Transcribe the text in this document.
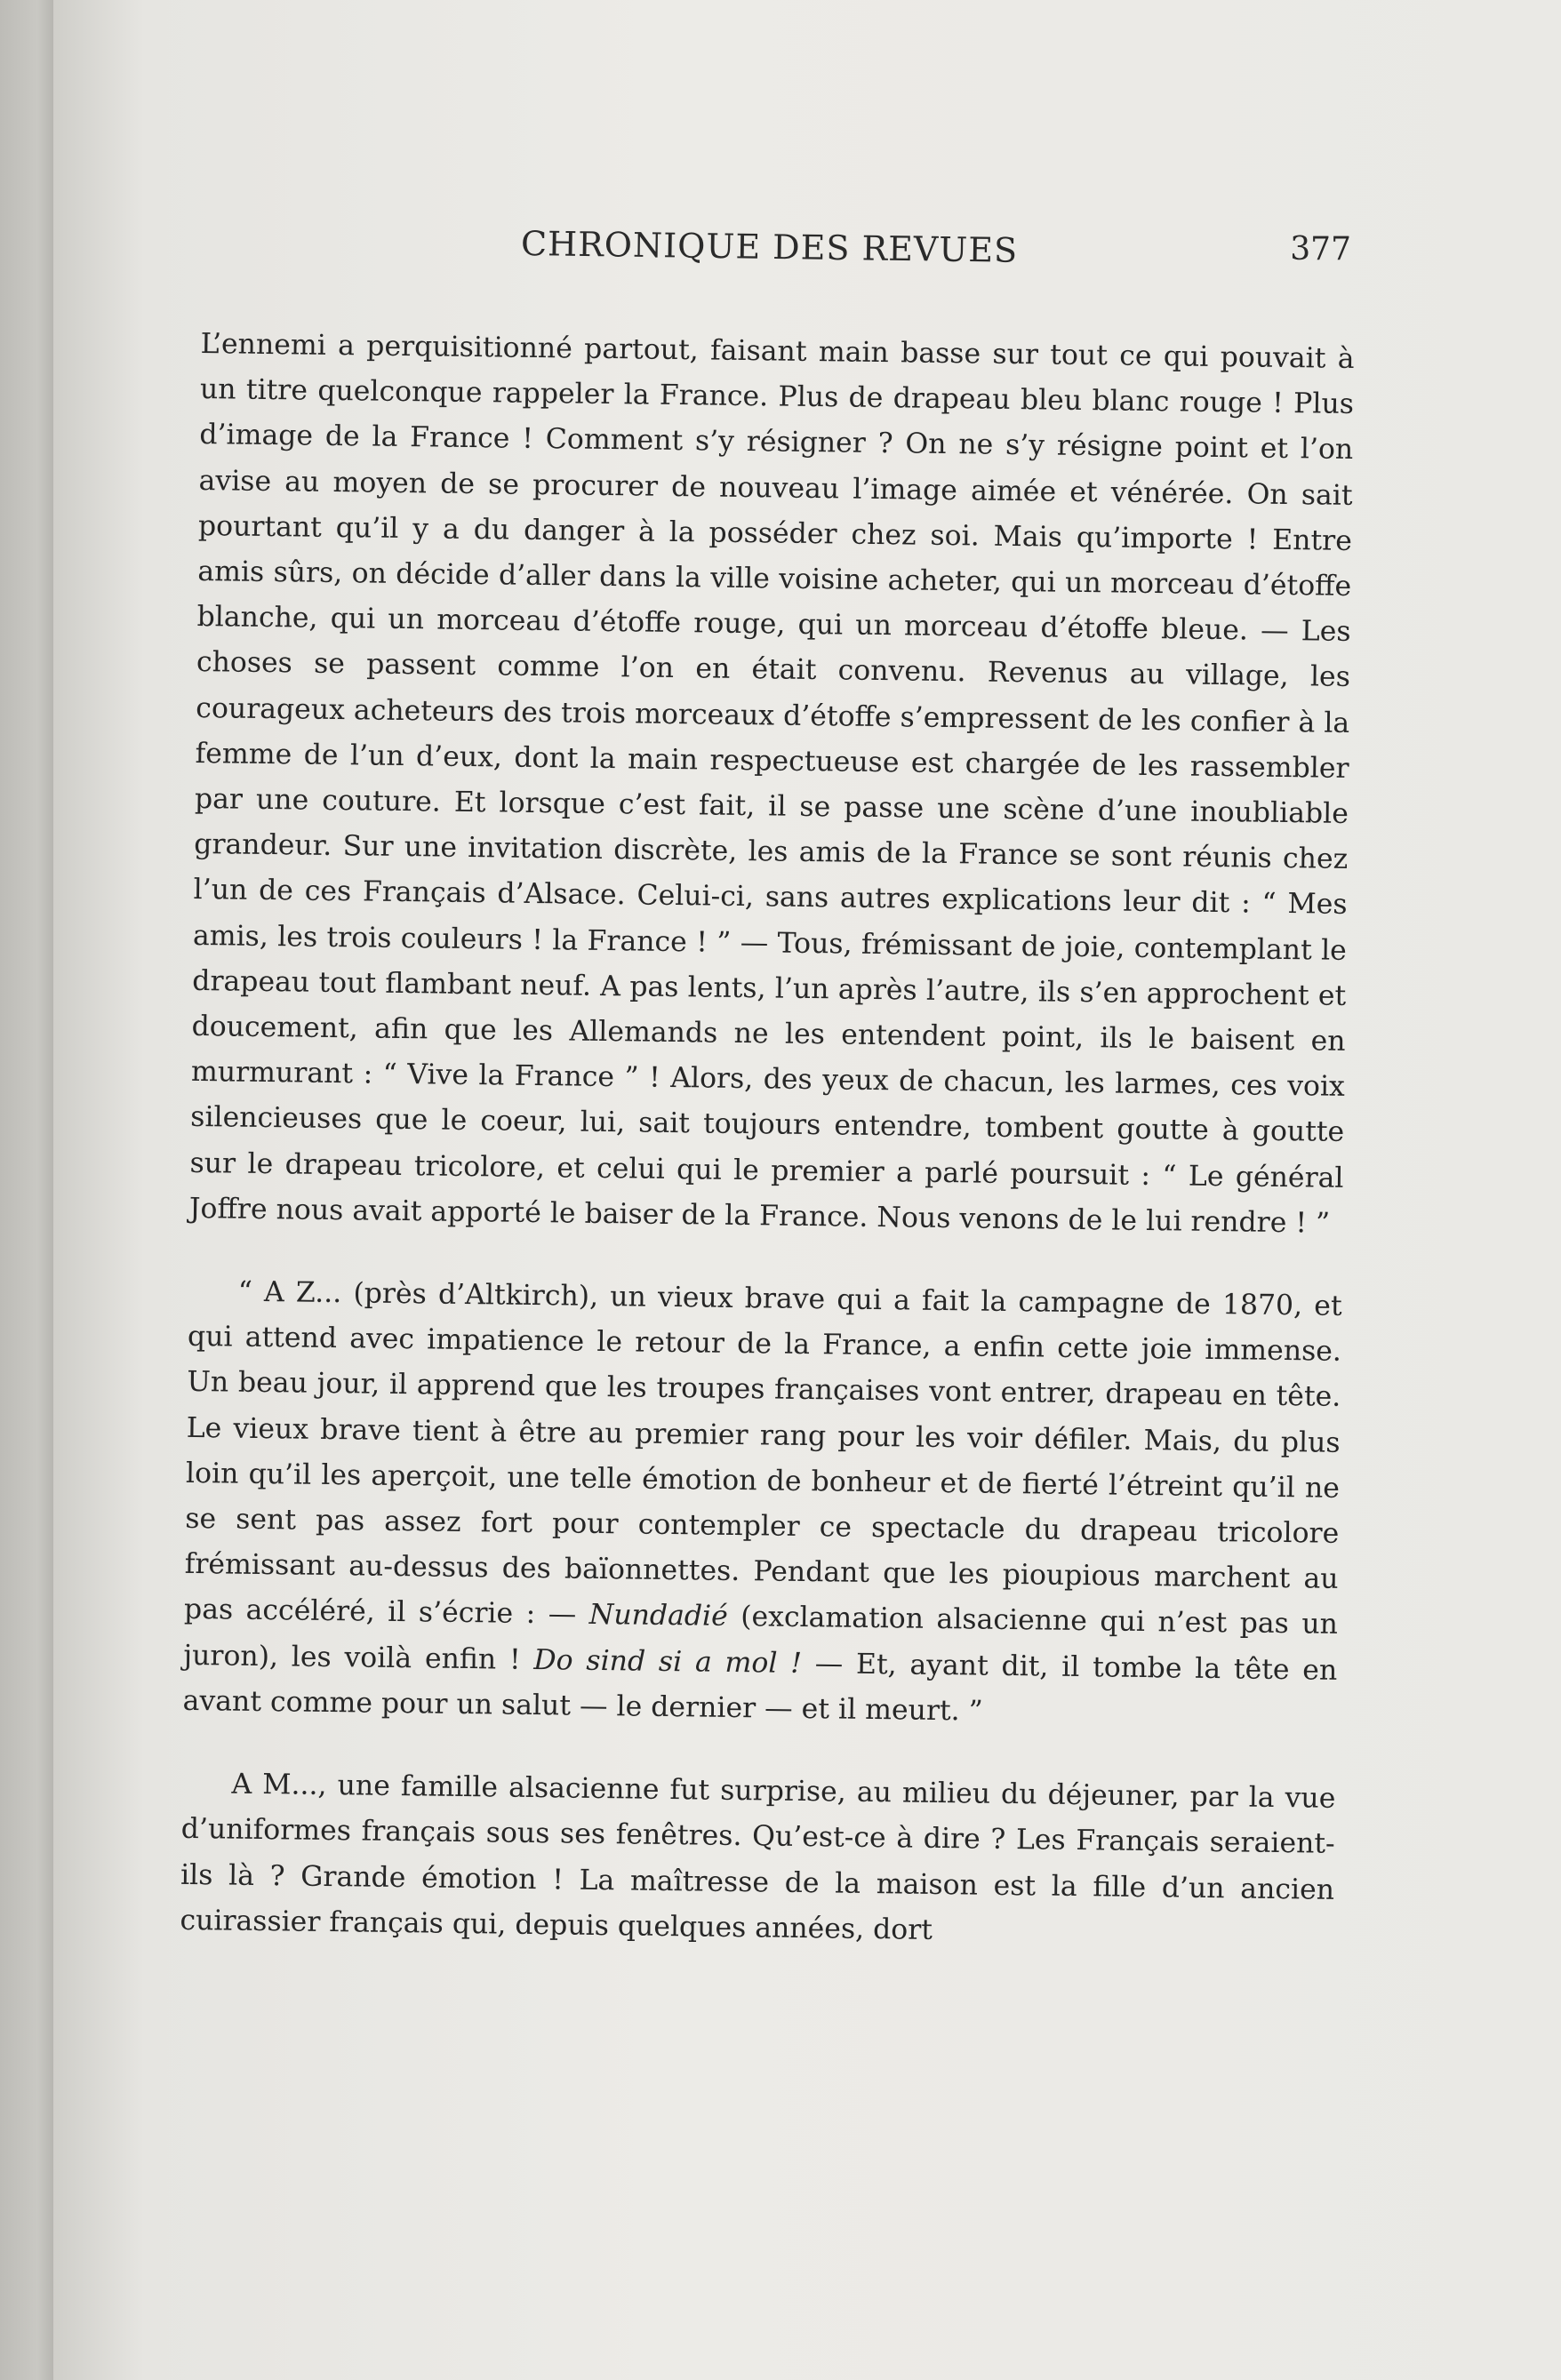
CHRONIQUE DES REVUES	377

L’ennemi a perquisitionné partout, faisant main basse sur tout ce qui pouvait à un titre quelconque rappeler la France. Plus de drapeau bleu blanc rouge ! Plus d’image de la France ! Comment s’y résigner ? On ne s’y résigne point et l’on avise au moyen de se procurer de nouveau l’image aimée et vénérée. On sait pourtant qu’il y a du danger à la posséder chez soi. Mais qu’importe ! Entre amis sûrs, on décide d’aller dans la ville voisine acheter, qui un morceau d’étoffe blanche, qui un morceau d’étoffe rouge, qui un morceau d’étoffe bleue. — Les choses se passent comme l’on en était convenu. Revenus au village, les courageux acheteurs des trois morceaux d’étoffe s’empressent de les confier à la femme de l’un d’eux, dont la main respectueuse est chargée de les rassembler par une couture. Et lorsque c’est fait, il se passe une scène d’une inoubliable grandeur. Sur une invitation discrète, les amis de la France se sont réunis chez l’un de ces Français d’Alsace. Celui-ci, sans autres explications leur dit : “ Mes amis, les trois couleurs ! la France ! ” — Tous, frémissant de joie, contemplant le drapeau tout flambant neuf. A pas lents, l’un après l’autre, ils s’en approchent et doucement, afin que les Allemands ne les entendent point, ils le baisent en murmurant : “ Vive la France ” ! Alors, des yeux de chacun, les larmes, ces voix silencieuses que le coeur, lui, sait toujours entendre, tombent goutte à goutte sur le drapeau tricolore, et celui qui le premier a parlé poursuit : “ Le général Joffre nous avait apporté le baiser de la France. Nous venons de le lui rendre ! ”

“ A Z... (près d’Altkirch), un vieux brave qui a fait la campagne de 1870, et qui attend avec impatience le retour de la France, a enfin cette joie immense. Un beau jour, il apprend que les troupes françaises vont entrer, drapeau en tête. Le vieux brave tient à être au premier rang pour les voir défiler. Mais, du plus loin qu’il les aperçoit, une telle émotion de bonheur et de fierté l’étreint qu’il ne se sent pas assez fort pour contempler ce spectacle du drapeau tricolore frémissant au-dessus des baïonnettes. Pendant que les pioupious marchent au pas accéléré, il s’écrie : — Nundadié (exclamation alsacienne qui n’est pas un juron), les voilà enfin ! Do sind si a mol ! — Et, ayant dit, il tombe la tête en avant comme pour un salut — le dernier — et il meurt. ”

A M..., une famille alsacienne fut surprise, au milieu du déjeuner, par la vue d’uniformes français sous ses fenêtres. Qu’est-ce à dire ? Les Français seraient-ils là ? Grande émotion ! La maîtresse de la maison est la fille d’un ancien cuirassier français qui, depuis quelques années, dort
